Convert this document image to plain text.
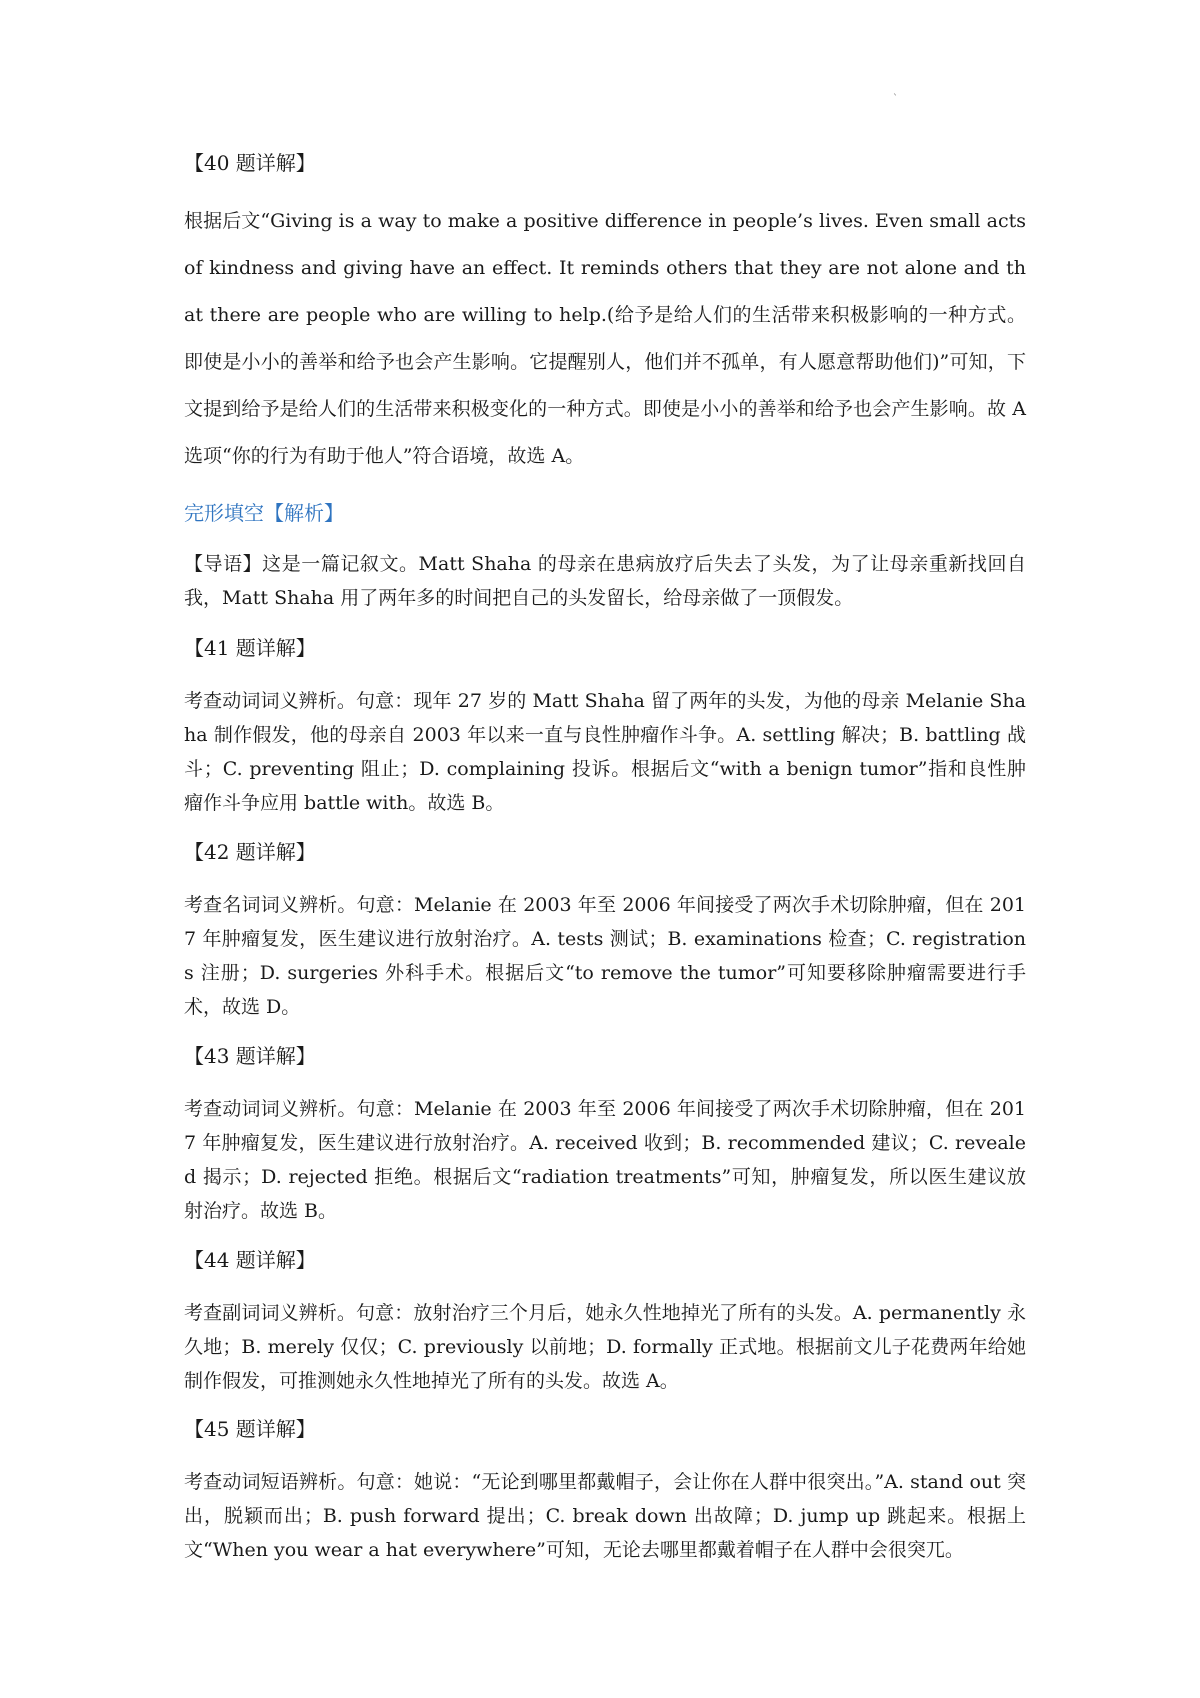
`
【40 题详解】
根据后文“Giving is a way to make a positive difference in people’s lives. Even small acts of kindness and giving have an effect. It reminds others that they are not alone and that there are people who are willing to help.(给予是给人们的生活带来积极影响的一种方式。即使是小小的善举和给予也会产生影响。它提醒别人，他们并不孤单，有人愿意帮助他们)”可知，下文提到给予是给人们的生活带来积极变化的一种方式。即使是小小的善举和给予也会产生影响。故 A 选项“你的行为有助于他人”符合语境，故选 A。
完形填空【解析】
【导语】这是一篇记叙文。Matt Shaha 的母亲在患病放疗后失去了头发，为了让母亲重新找回自我，Matt Shaha 用了两年多的时间把自己的头发留长，给母亲做了一顶假发。
【41 题详解】
考查动词词义辨析。句意：现年 27 岁的 Matt Shaha 留了两年的头发，为他的母亲 Melanie Shaha 制作假发，他的母亲自 2003 年以来一直与良性肿瘤作斗争。A. settling 解决；B. battling 战斗；C. preventing 阻止；D. complaining 投诉。根据后文“with a benign tumor”指和良性肿瘤作斗争应用 battle with。故选 B。
【42 题详解】
考查名词词义辨析。句意：Melanie 在 2003 年至 2006 年间接受了两次手术切除肿瘤，但在 2017 年肿瘤复发，医生建议进行放射治疗。A. tests 测试；B. examinations 检查；C. registrations 注册；D. surgeries 外科手术。根据后文“to remove the tumor”可知要移除肿瘤需要进行手术，故选 D。
【43 题详解】
考查动词词义辨析。句意：Melanie 在 2003 年至 2006 年间接受了两次手术切除肿瘤，但在 2017 年肿瘤复发，医生建议进行放射治疗。A. received 收到；B. recommended 建议；C. revealed 揭示；D. rejected 拒绝。根据后文“radiation treatments”可知，肿瘤复发，所以医生建议放射治疗。故选 B。
【44 题详解】
考查副词词义辨析。句意：放射治疗三个月后，她永久性地掉光了所有的头发。A. permanently 永久地；B. merely 仅仅；C. previously 以前地；D. formally 正式地。根据前文儿子花费两年给她制作假发，可推测她永久性地掉光了所有的头发。故选 A。
【45 题详解】
考查动词短语辨析。句意：她说：“无论到哪里都戴帽子，会让你在人群中很突出。”A. stand out 突出，脱颖而出；B. push forward 提出；C. break down 出故障；D. jump up 跳起来。根据上文“When you wear a hat everywhere”可知，无论去哪里都戴着帽子在人群中会很突兀。
